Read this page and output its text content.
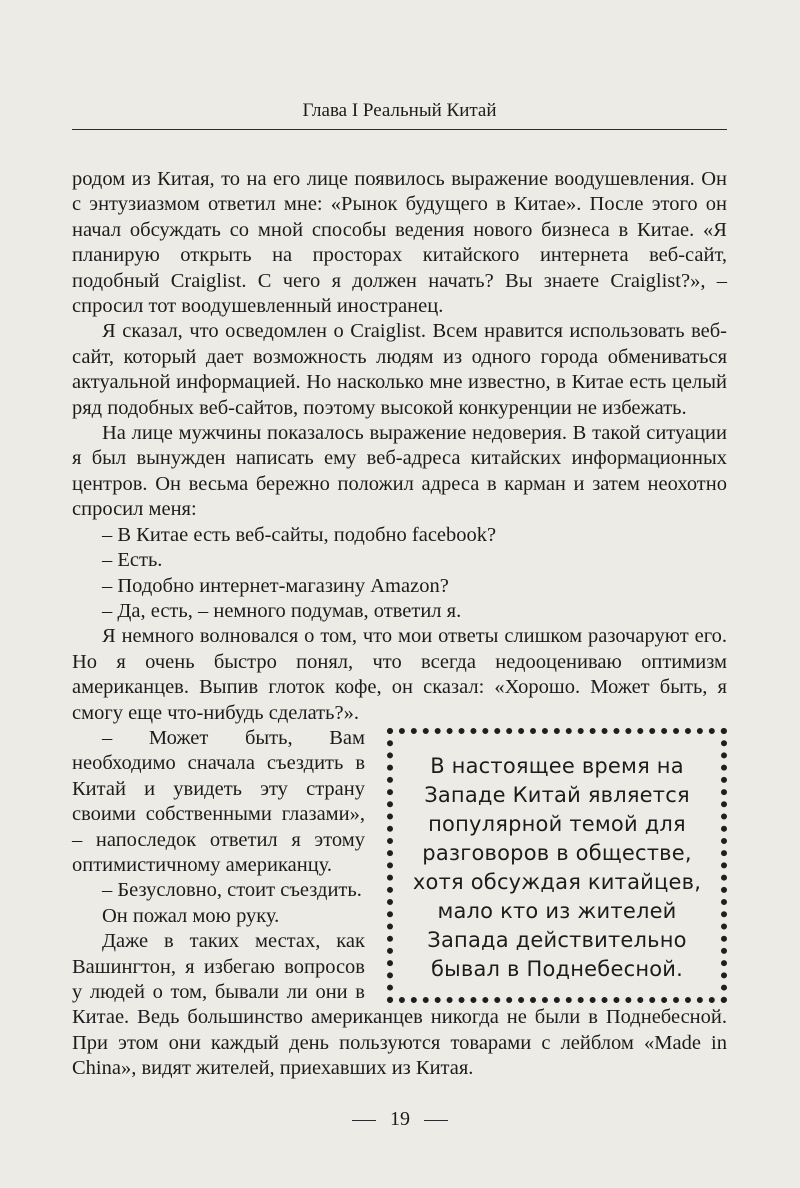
Глава I Реальный Китай

родом из Китая, то на его лице появилось выражение воодушевления. Он с энтузиазмом ответил мне: «Рынок будущего в Китае». После этого он начал обсуждать со мной способы ведения нового бизнеса в Китае. «Я планирую открыть на просторах китайского интернета веб-сайт, подобный Craiglist. С чего я должен начать? Вы знаете Craiglist?», – спросил тот воодушевленный иностранец.

Я сказал, что осведомлен о Craiglist. Всем нравится использовать веб-сайт, который дает возможность людям из одного города обмениваться актуальной информацией. Но насколько мне известно, в Китае есть целый ряд подобных веб-сайтов, поэтому высокой конкуренции не избежать.

На лице мужчины показалось выражение недоверия. В такой ситуации я был вынужден написать ему веб-адреса китайских информационных центров. Он весьма бережно положил адреса в карман и затем неохотно спросил меня:

– В Китае есть веб-сайты, подобно facebook?

– Есть.

– Подобно интернет-магазину Amazon?

– Да, есть, – немного подумав, ответил я.

Я немного волновался о том, что мои ответы слишком разочаруют его. Но я очень быстро понял, что всегда недооцениваю оптимизм американцев. Выпив глоток кофе, он сказал: «Хорошо. Может быть, я смогу еще что-нибудь сделать?».

В настоящее время на Западе Китай является популярной темой для разговоров в обществе, хотя обсуждая китайцев, мало кто из жителей Запада действительно бывал в Поднебесной.

– Может быть, Вам необходимо сначала съездить в Китай и увидеть эту страну своими собственными глазами», – напоследок ответил я этому оптимистичному американцу.

– Безусловно, стоит съездить.

Он пожал мою руку.

Даже в таких местах, как Вашингтон, я избегаю вопросов у людей о том, бывали ли они в Китае. Ведь большинство американцев никогда не были в Поднебесной. При этом они каждый день пользуются товарами с лейблом «Made in China», видят жителей, приехавших из Китая.

19
